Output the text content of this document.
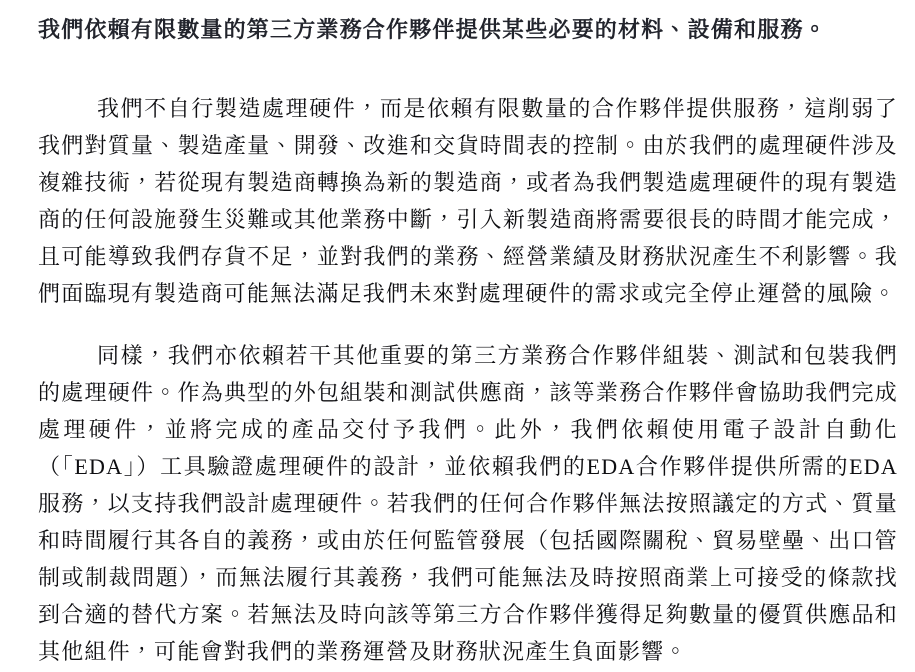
我們依賴有限數量的第三方業務合作夥伴提供某些必要的材料、設備和服務。

我們不自行製造處理硬件，而是依賴有限數量的合作夥伴提供服務，這削弱了我們對質量、製造產量、開發、改進和交貨時間表的控制。由於我們的處理硬件涉及複雜技術，若從現有製造商轉換為新的製造商，或者為我們製造處理硬件的現有製造商的任何設施發生災難或其他業務中斷，引入新製造商將需要很長的時間才能完成，且可能導致我們存貨不足，並對我們的業務、經營業績及財務狀況產生不利影響。我們面臨現有製造商可能無法滿足我們未來對處理硬件的需求或完全停止運營的風險。

同樣，我們亦依賴若干其他重要的第三方業務合作夥伴組裝、測試和包裝我們的處理硬件。作為典型的外包組裝和測試供應商，該等業務合作夥伴會協助我們完成處理硬件，並將完成的產品交付予我們。此外，我們依賴使用電子設計自動化（「EDA」）工具驗證處理硬件的設計，並依賴我們的EDA合作夥伴提供所需的EDA服務，以支持我們設計處理硬件。若我們的任何合作夥伴無法按照議定的方式、質量和時間履行其各自的義務，或由於任何監管發展（包括國際關稅、貿易壁壘、出口管制或制裁問題），而無法履行其義務，我們可能無法及時按照商業上可接受的條款找到合適的替代方案。若無法及時向該等第三方合作夥伴獲得足夠數量的優質供應品和其他組件，可能會對我們的業務運營及財務狀況產生負面影響。
